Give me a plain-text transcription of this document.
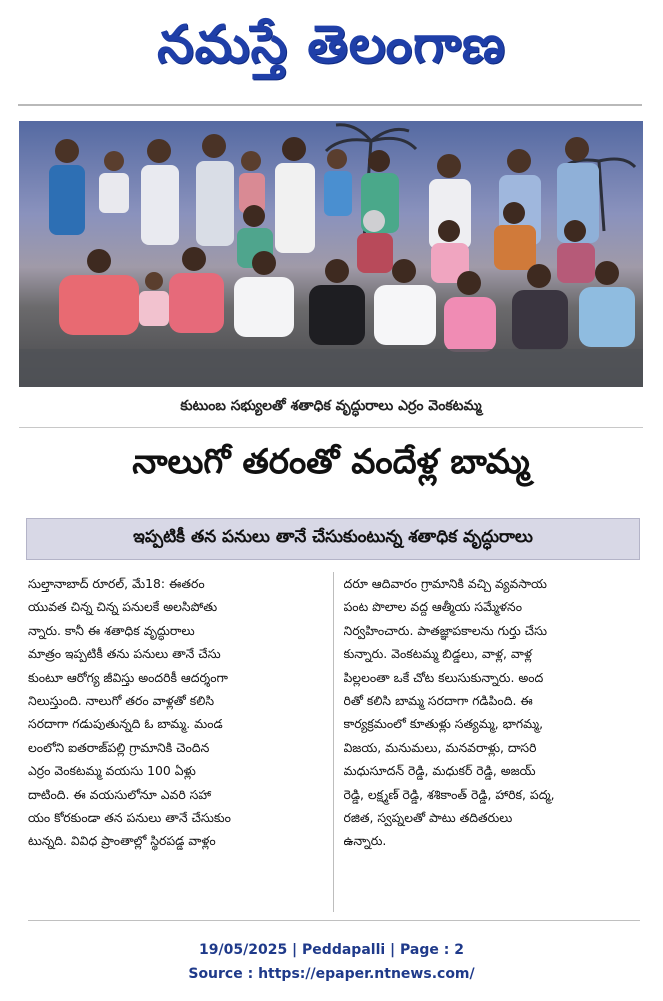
నమస్తే తెలంగాణ
కుటుంబ సభ్యులతో శతాధిక వృద్ధురాలు ఎర్రం వెంకటమ్మ
నాలుగో తరంతో వందేళ్ల బామ్మ
ఇప్పటికీ తన పనులు తానే చేసుకుంటున్న శతాధిక వృద్ధురాలు
సుల్తానాబాద్ రూరల్, మే18: ఈతరం
యువత చిన్న చిన్న పనులకే అలసిపోతు
న్నారు. కానీ ఈ శతాధిక వృద్ధురాలు
మాత్రం ఇప్పటికీ తను పనులు తానే చేసు
కుంటూ ఆరోగ్య జీవిస్తు అందరికీ ఆదర్శంగా
నిలుస్తుంది. నాలుగో తరం వాళ్లతో కలిసి
సరదాగా గడుపుతున్నది ఓ బామ్మ. మండ
లంలోని ఐతరాజ్‌పల్లి గ్రామానికి చెందిన
ఎర్రం వెంకటమ్మ వయసు 100 ఏళ్లు
దాటింది. ఈ వయసులోనూ ఎవరి సహా
యం కోరకుండా తన పనులు తానే చేసుకుం
టున్నది. వివిధ ప్రాంతాల్లో స్థిరపడ్డ వాళ్లం
దరూ ఆదివారం గ్రామానికి వచ్చి వ్యవసాయ
పంట పొలాల వద్ద ఆత్మీయ సమ్మేళనం
నిర్వహించారు. పాతజ్ఞాపకాలను గుర్తు చేసు
కున్నారు. వెంకటమ్మ బిడ్డలు, వాళ్ల, వాళ్ల
పిల్లలంతా ఒకే చోట కలుసుకున్నారు. అంద
రితో కలిసి బామ్మ సరదాగా గడిపింది. ఈ
కార్యక్రమంలో కూతుళ్లు సత్యమ్మ, భాగమ్మ,
విజయ, మనుమలు, మనవరాళ్లు, దాసరి
మధుసూదన్ రెడ్డి, మధుకర్ రెడ్డి, అజయ్
రెడ్డి, లక్ష్మణ్ రెడ్డి, శశికాంత్ రెడ్డి, హారిక, పద్మ,
రజిత, స్వప్నలతో పాటు తదితరులు
ఉన్నారు.
19/05/2025 | Peddapalli | Page : 2
Source : https://epaper.ntnews.com/
